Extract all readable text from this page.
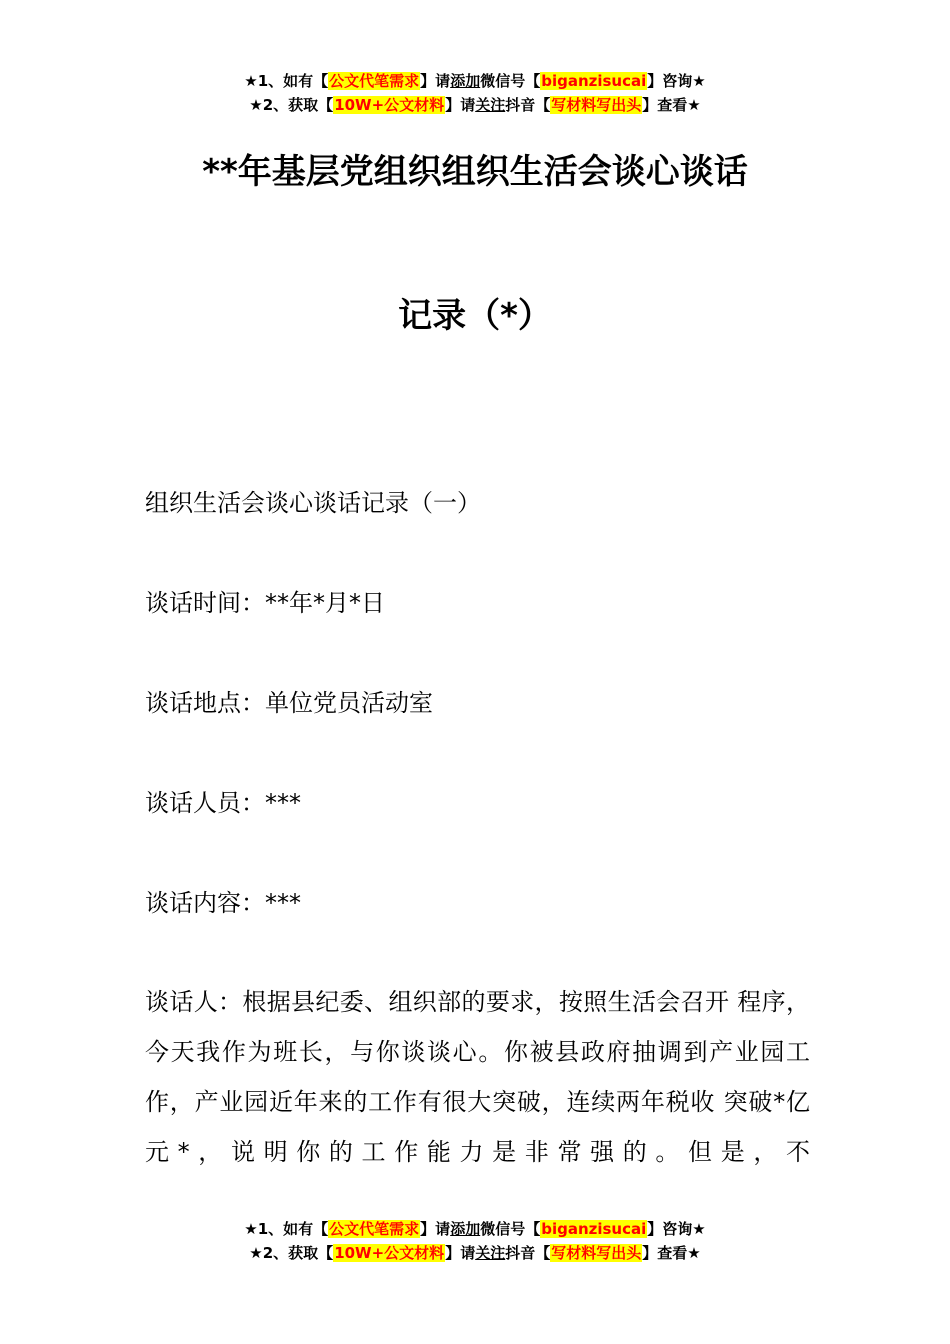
★1、如有【公文代笔需求】请添加微信号【biganzisucai】咨询★
★2、获取【10W+公文材料】请关注抖音【写材料写出头】查看★
**年基层党组织组织生活会谈心谈话
记录（*）

组织生活会谈心谈话记录（一）

谈话时间：**年*月*日

谈话地点：单位党员活动室

谈话人员：***

谈话内容：***

谈话人：根据县纪委、组织部的要求，按照生活会召开 程序，今天我作为班长，与你谈谈心。你被县政府抽调到产业园工作，产业园近年来的工作有很大突破，连续两年税收 突破*亿元*，说明你的工作能力是非常强的。但是，不

★1、如有【公文代笔需求】请添加微信号【biganzisucai】咨询★
★2、获取【10W+公文材料】请关注抖音【写材料写出头】查看★
